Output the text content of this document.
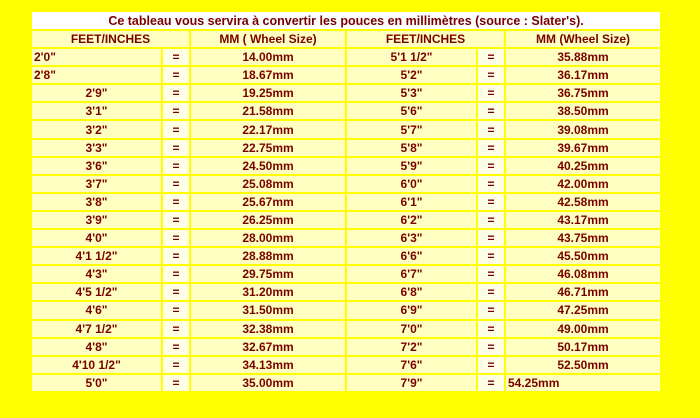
Ce tableau vous servira à convertir les pouces en millimètres (source : Slater's).					
FEET/INCHES		MM ( Wheel Size)	FEET/INCHES		MM (Wheel Size)
2'0"	=	14.00mm	5'1 1/2"	=	35.88mm
2'8"	=	18.67mm	5'2"	=	36.17mm
2'9"	=	19.25mm	5'3"	=	36.75mm
3'1"	=	21.58mm	5'6"	=	38.50mm
3'2"	=	22.17mm	5'7"	=	39.08mm
3'3"	=	22.75mm	5'8"	=	39.67mm
3'6"	=	24.50mm	5'9"	=	40.25mm
3'7"	=	25.08mm	6'0"	=	42.00mm
3'8"	=	25.67mm	6'1"	=	42.58mm
3'9"	=	26.25mm	6'2"	=	43.17mm
4'0"	=	28.00mm	6'3"	=	43.75mm
4'1 1/2"	=	28.88mm	6'6"	=	45.50mm
4'3"	=	29.75mm	6'7"	=	46.08mm
4'5 1/2"	=	31.20mm	6'8"	=	46.71mm
4'6"	=	31.50mm	6'9"	=	47.25mm
4'7 1/2"	=	32.38mm	7'0"	=	49.00mm
4'8"	=	32.67mm	7'2"	=	50.17mm
4'10 1/2"	=	34.13mm	7'6"	=	52.50mm
5'0"	=	35.00mm	7'9"	=	54.25mm
